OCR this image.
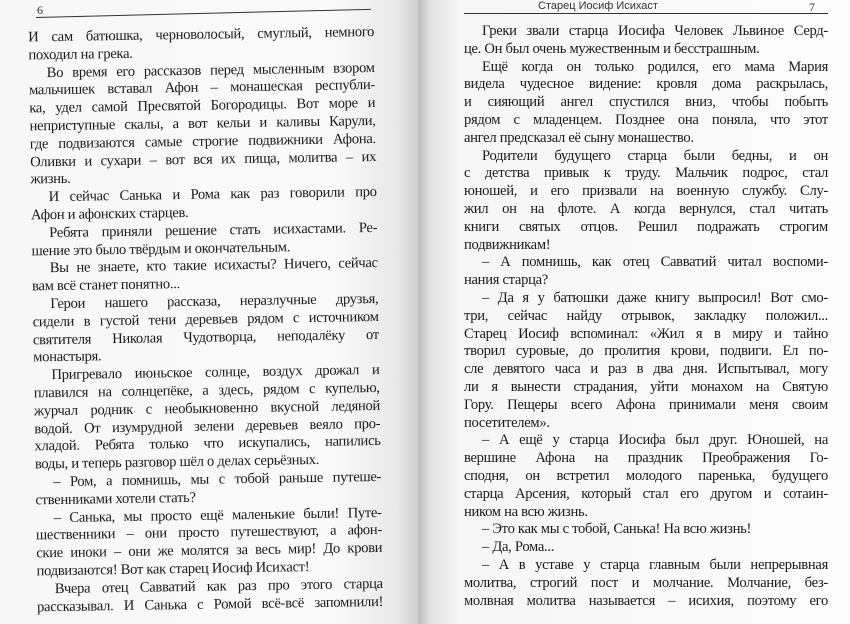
6
И сам батюшка, черноволосый, смуглый, немного
походил на грека.
Во время его рассказов перед мысленным взором
мальчишек вставал Афон – монашеская республи-
ка, удел самой Пресвятой Богородицы. Вот море и
неприступные скалы, а вот кельи и каливы Карули,
где подвизаются самые строгие подвижники Афона.
Оливки и сухари – вот вся их пища, молитва – их
жизнь.
И сейчас Санька и Рома как раз говорили про
Афон и афонских старцев.
Ребята приняли решение стать исихастами. Ре-
шение это было твёрдым и окончательным.
Вы не знаете, кто такие исихасты? Ничего, сейчас
вам всё станет понятно...
Герои нашего рассказа, неразлучные друзья,
сидели в густой тени деревьев рядом с источником
святителя Николая Чудотворца, неподалёку от
монастыря.
Пригревало июньское солнце, воздух дрожал и
плавился на солнцепёке, а здесь, рядом с купелью,
журчал родник с необыкновенно вкусной ледяной
водой. От изумрудной зелени деревьев веяло про-
хладой. Ребята только что искупались, напились
воды, и теперь разговор шёл о делах серьёзных.
– Ром, а помнишь, мы с тобой раньше путеше-
ственниками хотели стать?
– Санька, мы просто ещё маленькие были! Путе-
шественники – они просто путешествуют, а афон-
ские иноки – они же молятся за весь мир! До крови
подвизаются! Вот как старец Иосиф Исихаст!
Вчера отец Савватий как раз про этого старца
рассказывал. И Санька с Ромой всё-всё запомнили!
Старец Иосиф Исихаст	7
Греки звали старца Иосифа Человек Львиное Серд-
це. Он был очень мужественным и бесстрашным.
Ещё когда он только родился, его мама Мария
видела чудесное видение: кровля дома раскрылась,
и сияющий ангел спустился вниз, чтобы побыть
рядом с младенцем. Позднее она поняла, что этот
ангел предсказал её сыну монашество.
Родители будущего старца были бедны, и он
с детства привык к труду. Мальчик подрос, стал
юношей, и его призвали на военную службу. Слу-
жил он на флоте. А когда вернулся, стал читать
книги святых отцов. Решил подражать строгим
подвижникам!
– А помнишь, как отец Савватий читал воспоми-
нания старца?
– Да я у батюшки даже книгу выпросил! Вот смо-
три, сейчас найду отрывок, закладку положил...
Старец Иосиф вспоминал: «Жил я в миру и тайно
творил суровые, до пролития крови, подвиги. Ел по-
сле девятого часа и раз в два дня. Испытывал, могу
ли я вынести страдания, уйти монахом на Святую
Гору. Пещеры всего Афона принимали меня своим
посетителем».
– А ещё у старца Иосифа был друг. Юношей, на
вершине Афона на праздник Преображения Го-
сподня, он встретил молодого паренька, будущего
старца Арсения, который стал его другом и сотаин-
ником на всю жизнь.
– Это как мы с тобой, Санька! На всю жизнь!
– Да, Рома...
– А в уставе у старца главным были непрерывная
молитва, строгий пост и молчание. Молчание, без-
молвная молитва называется – исихия, поэтому его
